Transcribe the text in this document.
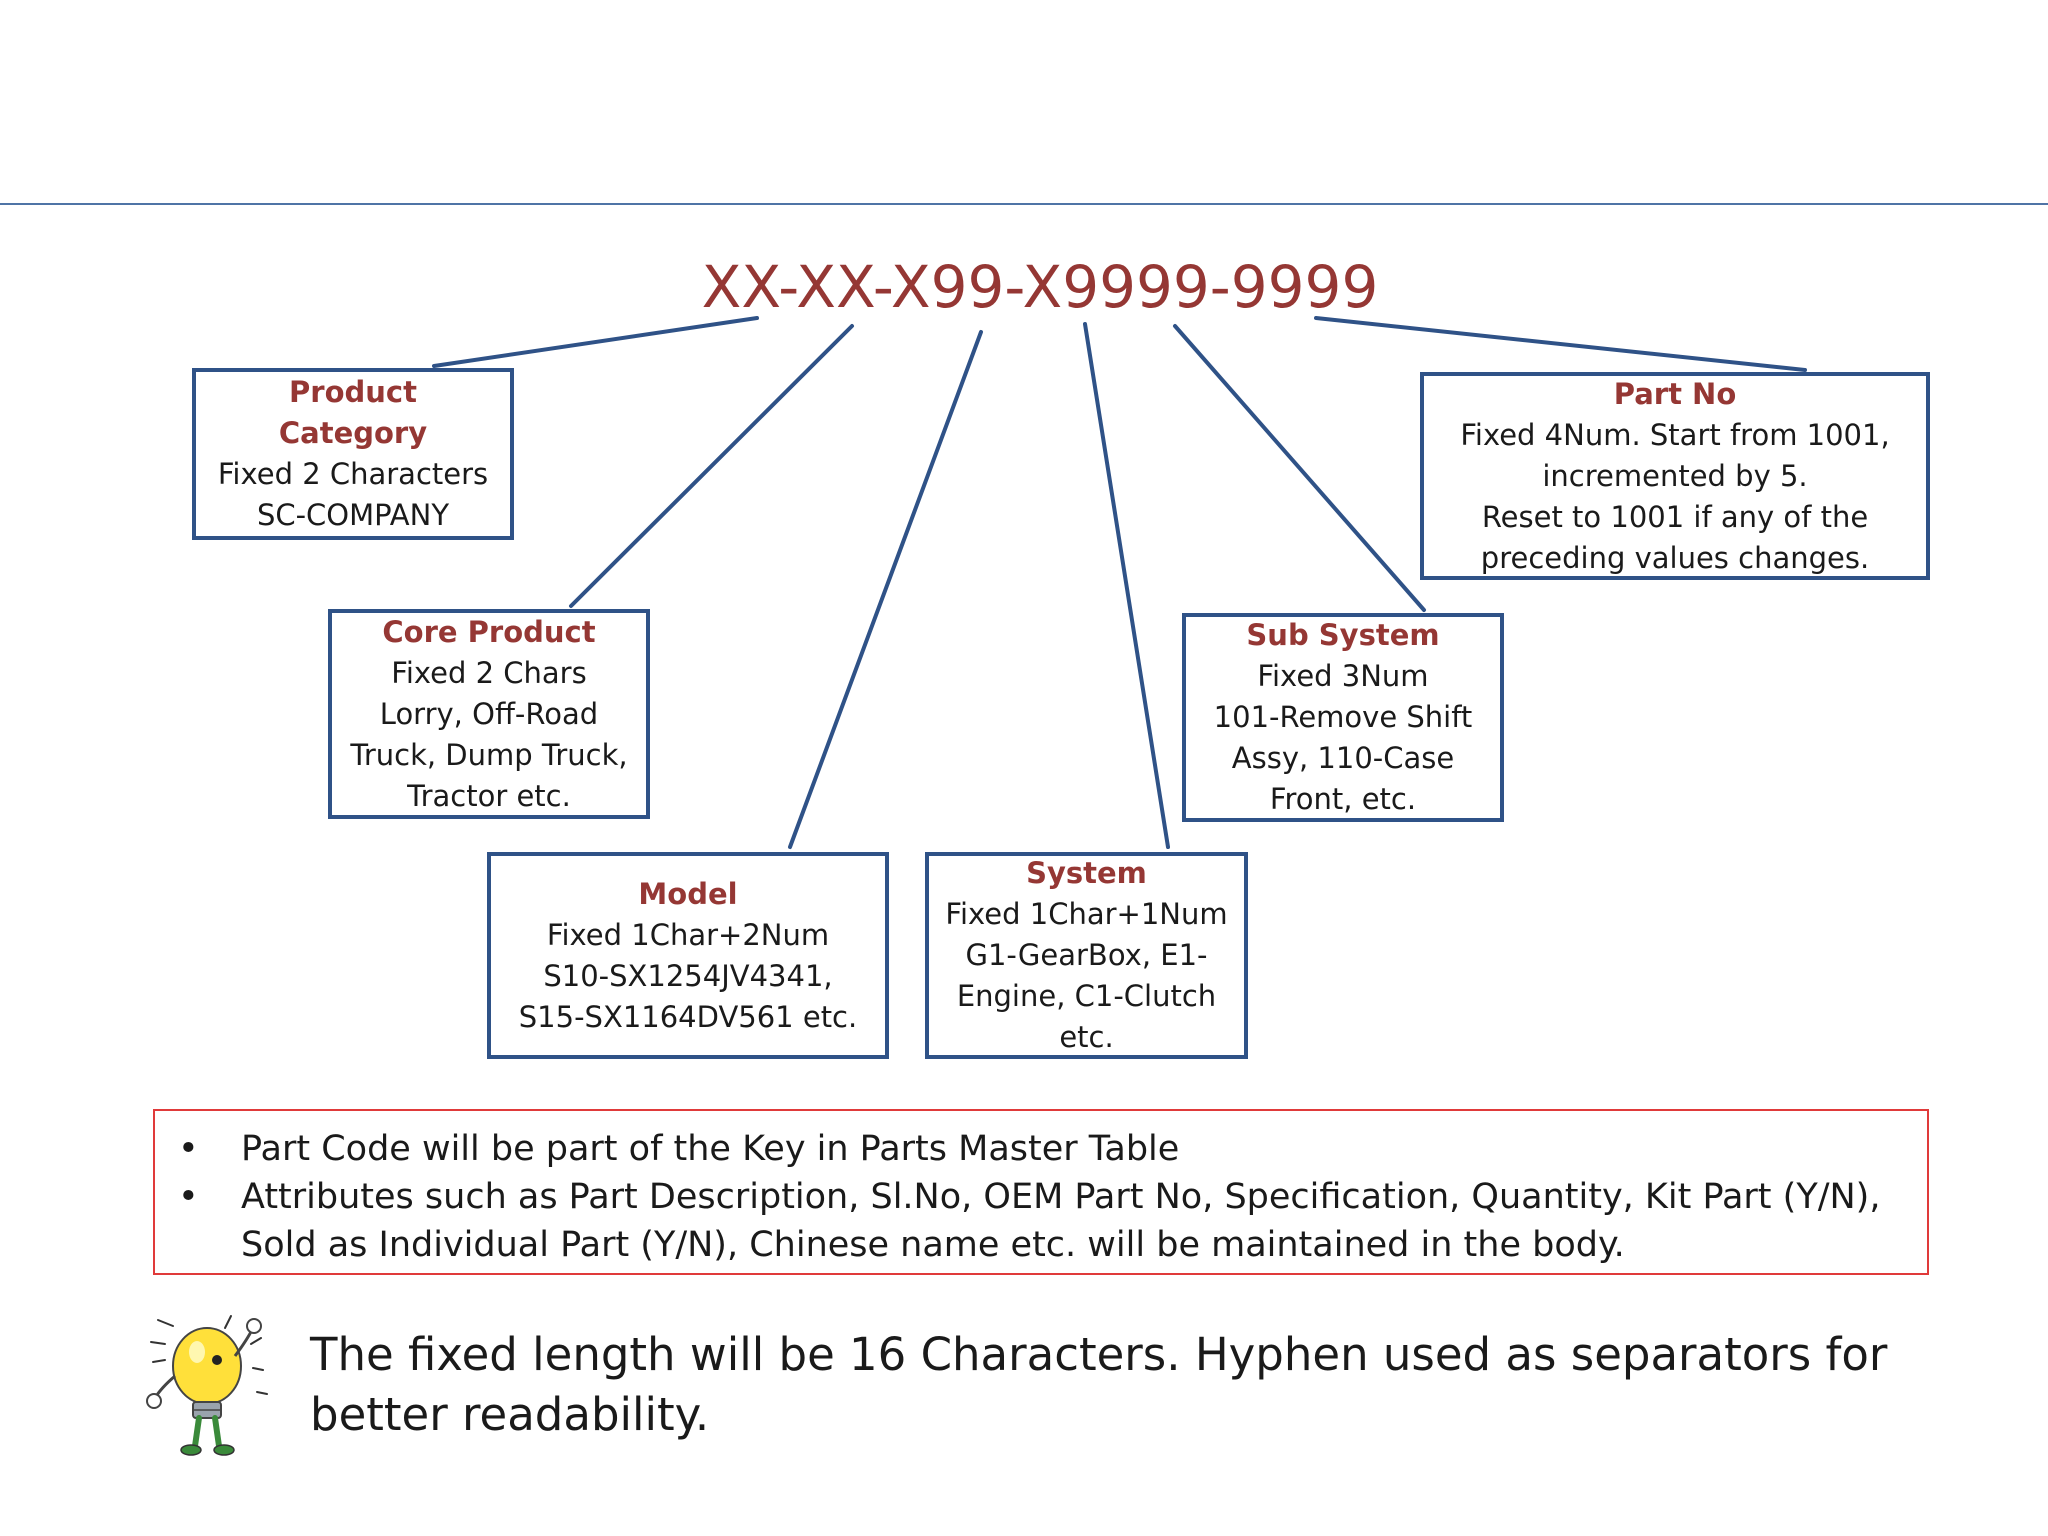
XX-XX-X99-X9999-9999
Product Category
Fixed 2 Characters
SC-COMPANY
Part No
Fixed 4Num. Start from 1001,
incremented by 5.
Reset to 1001 if any of the
preceding values changes.
Core Product
Fixed 2 Chars
Lorry, Off-Road
Truck, Dump Truck,
Tractor etc.
Sub System
Fixed 3Num
101-Remove Shift
Assy, 110-Case
Front, etc.
Model
Fixed 1Char+2Num
S10-SX1254JV4341,
S15-SX1164DV561 etc.
System
Fixed 1Char+1Num
G1-GearBox, E1-
Engine, C1-Clutch
etc.
• Part Code will be part of the Key in Parts Master Table
• Attributes such as Part Description, Sl.No, OEM Part No, Specification, Quantity, Kit Part (Y/N), Sold as Individual Part (Y/N), Chinese name etc. will be maintained in the body.
The fixed length will be 16 Characters. Hyphen used as separators for better readability.
